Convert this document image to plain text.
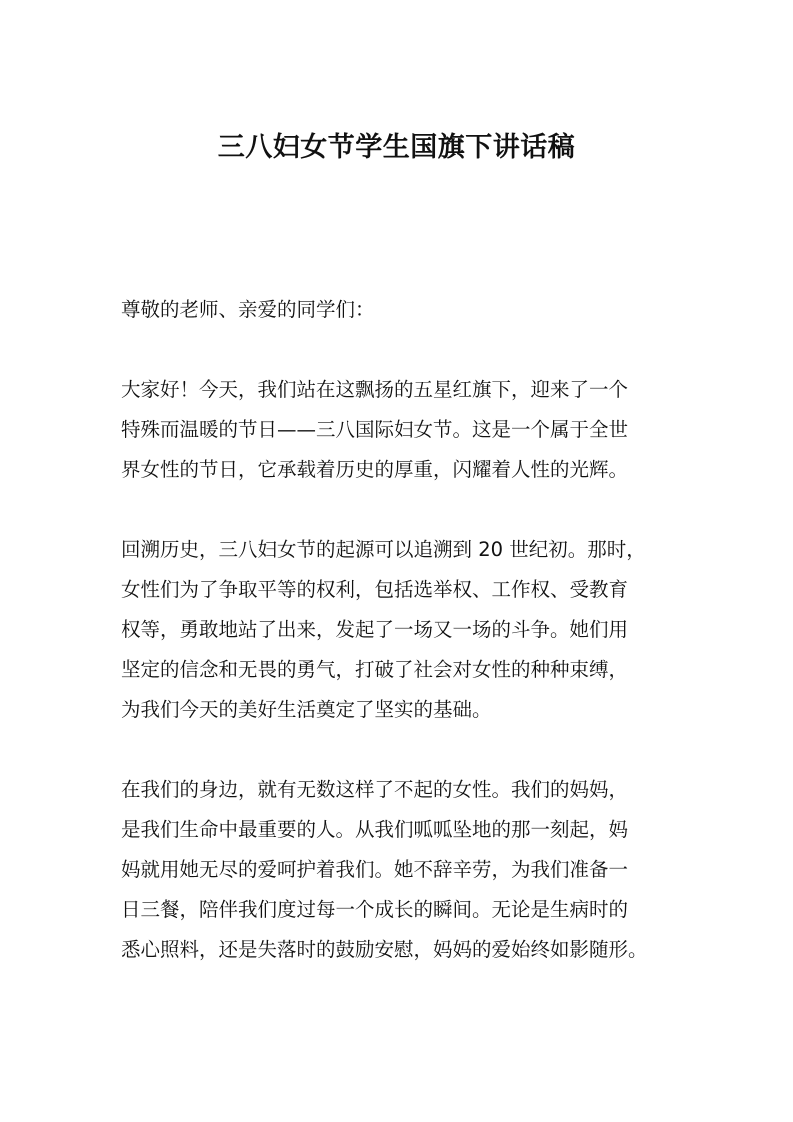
三八妇女节学生国旗下讲话稿

尊敬的老师、亲爱的同学们：

大家好！今天，我们站在这飘扬的五星红旗下，迎来了一个
特殊而温暖的节日——三八国际妇女节。这是一个属于全世
界女性的节日，它承载着历史的厚重，闪耀着人性的光辉。

回溯历史，三八妇女节的起源可以追溯到 20 世纪初。那时，
女性们为了争取平等的权利，包括选举权、工作权、受教育
权等，勇敢地站了出来，发起了一场又一场的斗争。她们用
坚定的信念和无畏的勇气，打破了社会对女性的种种束缚，
为我们今天的美好生活奠定了坚实的基础。

在我们的身边，就有无数这样了不起的女性。我们的妈妈，
是我们生命中最重要的人。从我们呱呱坠地的那一刻起，妈
妈就用她无尽的爱呵护着我们。她不辞辛劳，为我们准备一
日三餐，陪伴我们度过每一个成长的瞬间。无论是生病时的
悉心照料，还是失落时的鼓励安慰，妈妈的爱始终如影随形。
